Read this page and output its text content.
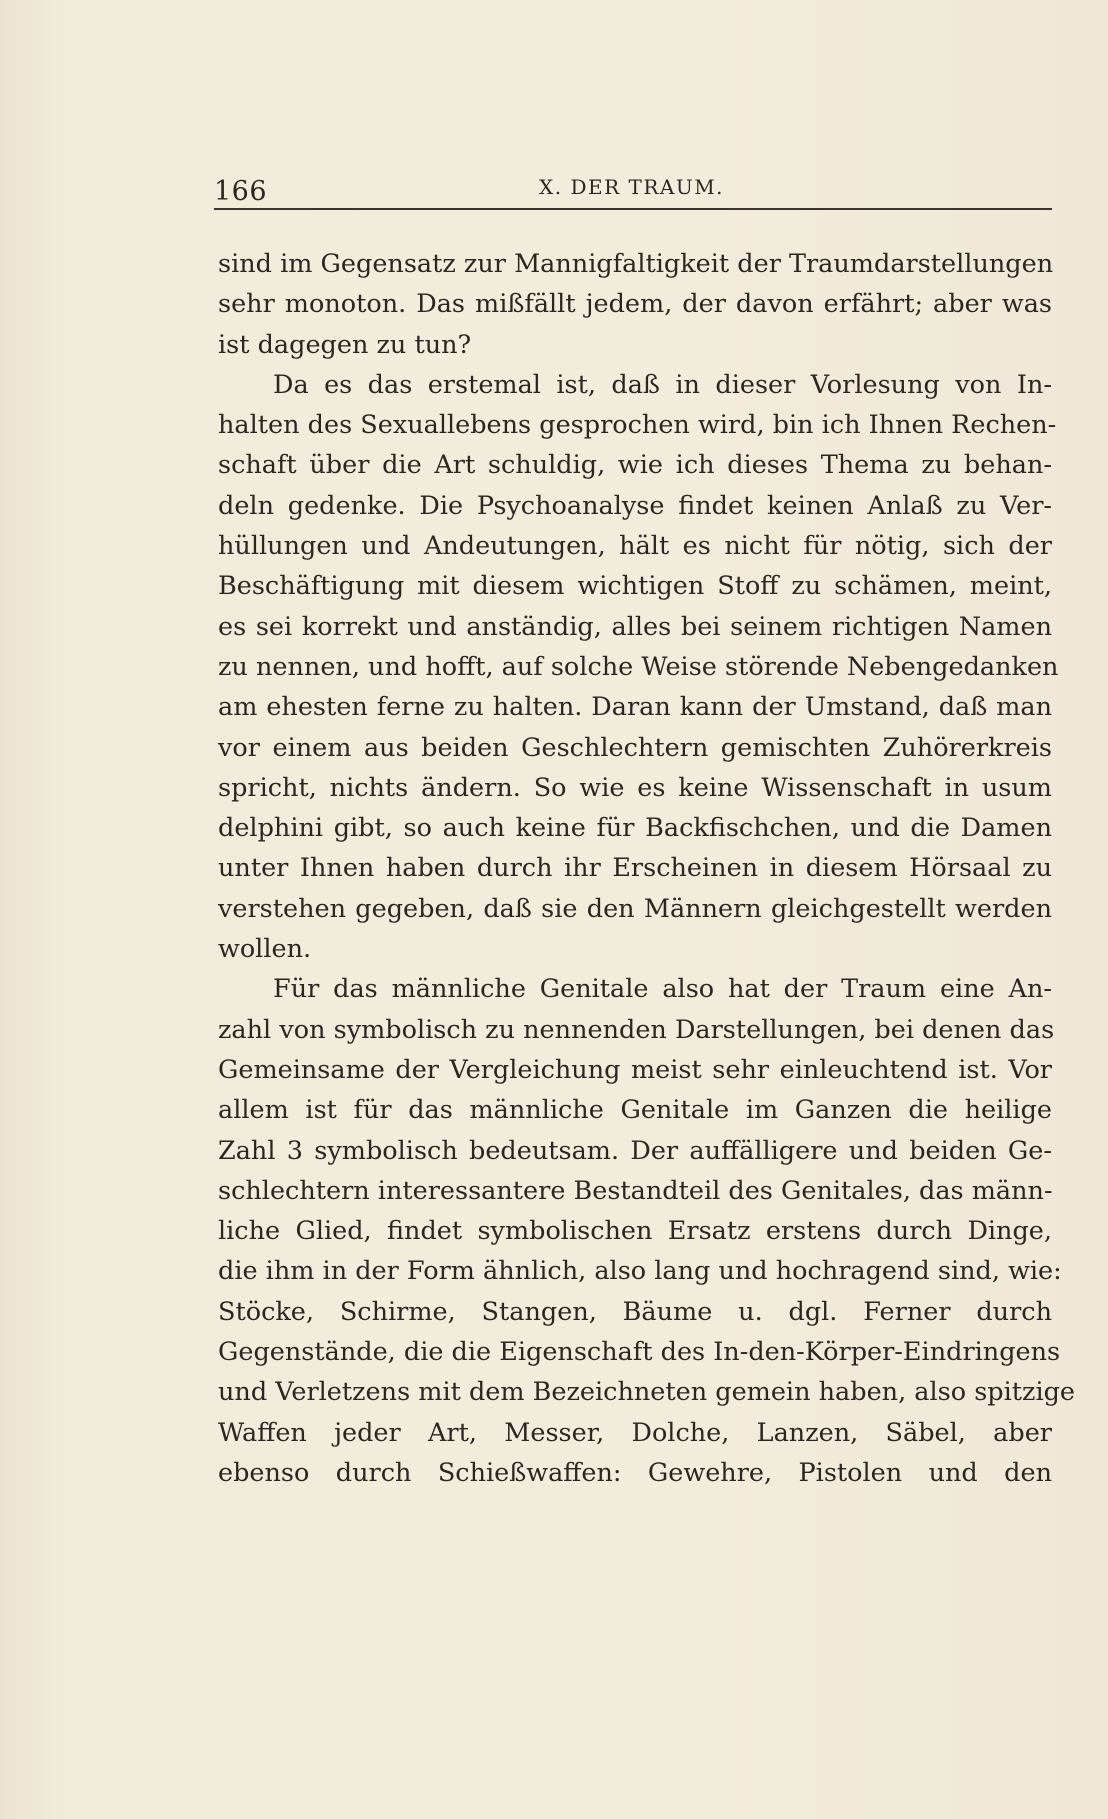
166	X. DER TRAUM.
sind im Gegensatz zur Mannigfaltigkeit der Traumdarstellungen
sehr monoton. Das mißfällt jedem, der davon erfährt; aber was
ist dagegen zu tun?
Da es das erstemal ist, daß in dieser Vorlesung von In-
halten des Sexuallebens gesprochen wird, bin ich Ihnen Rechen-
schaft über die Art schuldig, wie ich dieses Thema zu behan-
deln gedenke. Die Psychoanalyse findet keinen Anlaß zu Ver-
hüllungen und Andeutungen, hält es nicht für nötig, sich der
Beschäftigung mit diesem wichtigen Stoff zu schämen, meint,
es sei korrekt und anständig, alles bei seinem richtigen Namen
zu nennen, und hofft, auf solche Weise störende Nebengedanken
am ehesten ferne zu halten. Daran kann der Umstand, daß man
vor einem aus beiden Geschlechtern gemischten Zuhörerkreis
spricht, nichts ändern. So wie es keine Wissenschaft in usum
delphini gibt, so auch keine für Backfischchen, und die Damen
unter Ihnen haben durch ihr Erscheinen in diesem Hörsaal zu
verstehen gegeben, daß sie den Männern gleichgestellt werden
wollen.
Für das männliche Genitale also hat der Traum eine An-
zahl von symbolisch zu nennenden Darstellungen, bei denen das
Gemeinsame der Vergleichung meist sehr einleuchtend ist. Vor
allem ist für das männliche Genitale im Ganzen die heilige
Zahl 3 symbolisch bedeutsam. Der auffälligere und beiden Ge-
schlechtern interessantere Bestandteil des Genitales, das männ-
liche Glied, findet symbolischen Ersatz erstens durch Dinge,
die ihm in der Form ähnlich, also lang und hochragend sind, wie:
Stöcke, Schirme, Stangen, Bäume u. dgl. Ferner durch
Gegenstände, die die Eigenschaft des In-den-Körper-Eindringens
und Verletzens mit dem Bezeichneten gemein haben, also spitzige
Waffen jeder Art, Messer, Dolche, Lanzen, Säbel, aber
ebenso durch Schießwaffen: Gewehre, Pistolen und den
